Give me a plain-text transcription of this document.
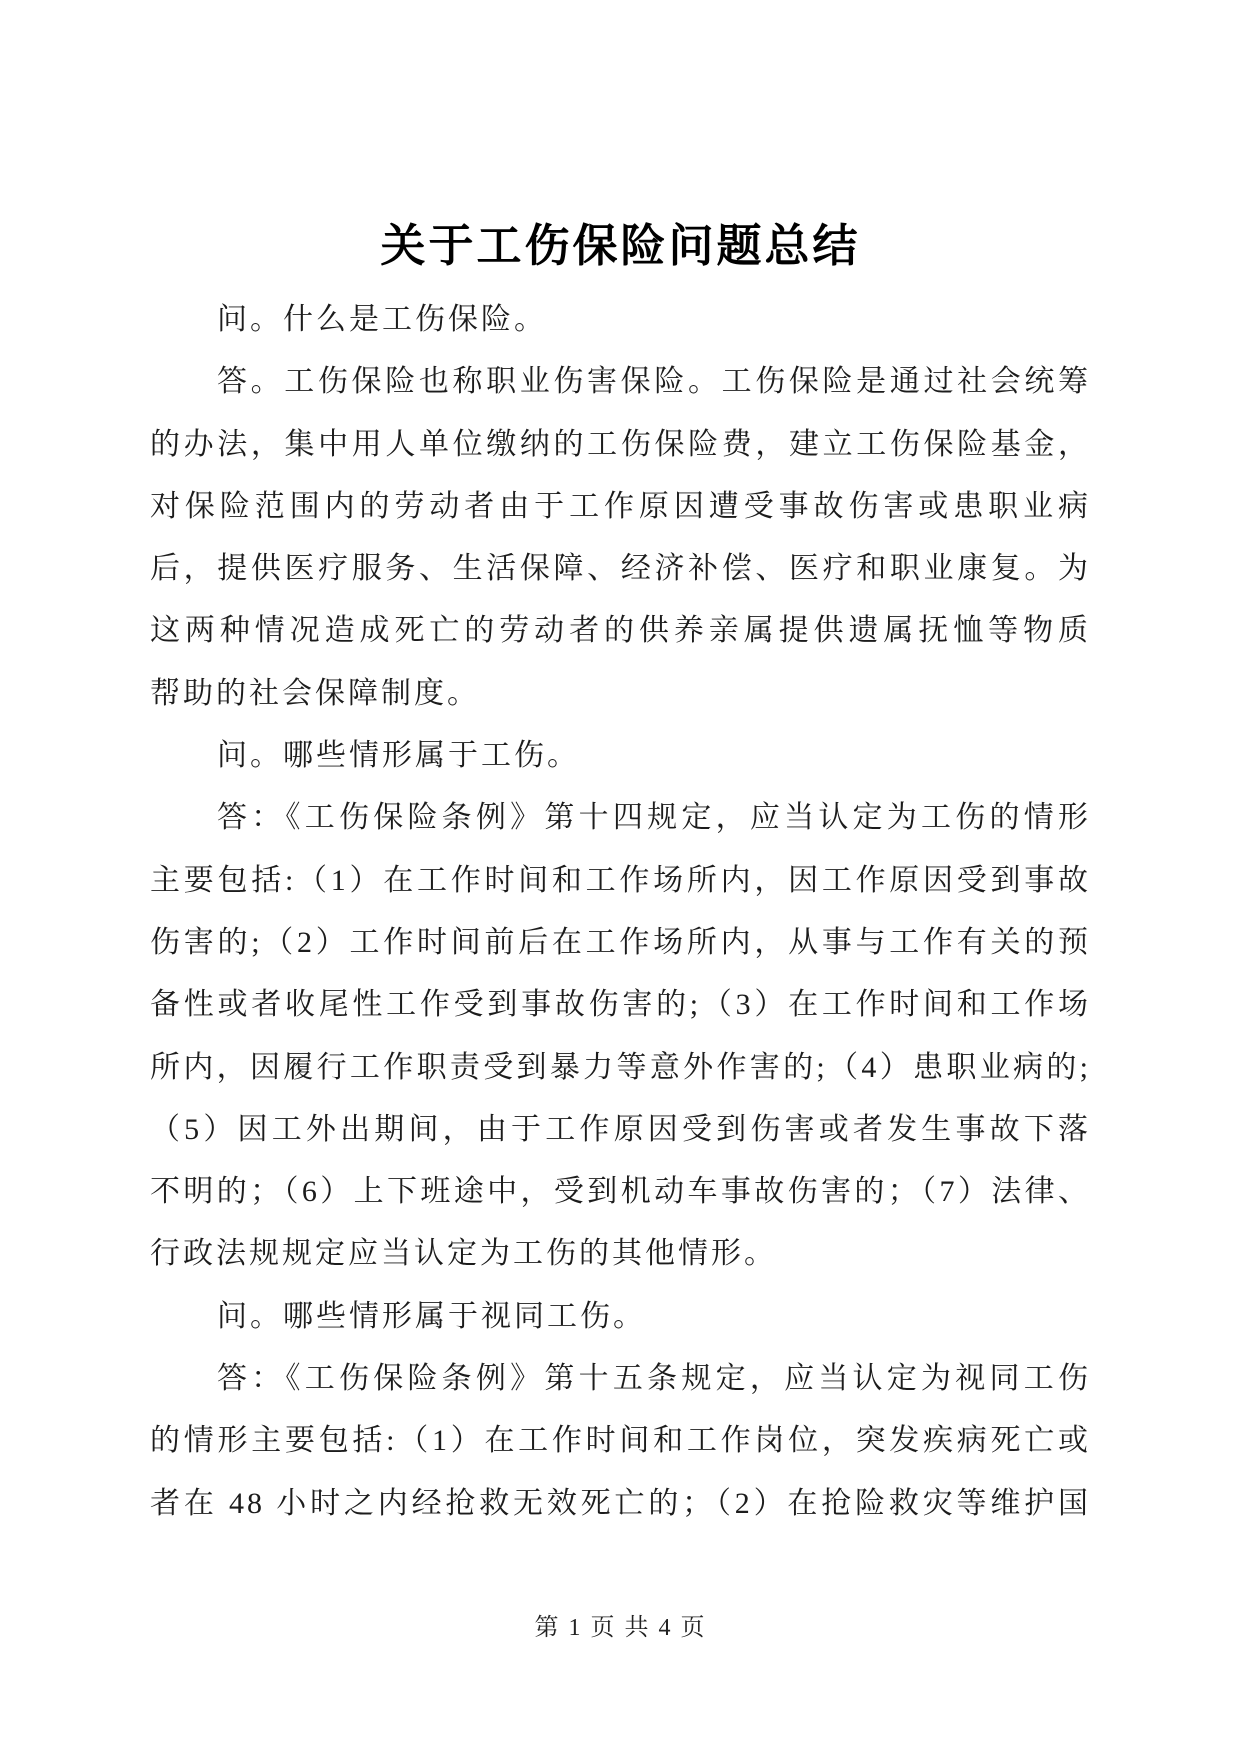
关于工伤保险问题总结
问。什么是工伤保险。
答。工伤保险也称职业伤害保险。工伤保险是通过社会统筹
的办法，集中用人单位缴纳的工伤保险费，建立工伤保险基金，
对保险范围内的劳动者由于工作原因遭受事故伤害或患职业病
后，提供医疗服务、生活保障、经济补偿、医疗和职业康复。为
这两种情况造成死亡的劳动者的供养亲属提供遗属抚恤等物质
帮助的社会保障制度。
问。哪些情形属于工伤。
答：《工伤保险条例》第十四规定，应当认定为工伤的情形
主要包括:（1）在工作时间和工作场所内，因工作原因受到事故
伤害的;（2）工作时间前后在工作场所内，从事与工作有关的预
备性或者收尾性工作受到事故伤害的;（3）在工作时间和工作场
所内，因履行工作职责受到暴力等意外作害的;（4）患职业病的;
（5）因工外出期间，由于工作原因受到伤害或者发生事故下落
不明的；（6）上下班途中，受到机动车事故伤害的；（7）法律、
行政法规规定应当认定为工伤的其他情形。
问。哪些情形属于视同工伤。
答：《工伤保险条例》第十五条规定，应当认定为视同工伤
的情形主要包括:（1）在工作时间和工作岗位，突发疾病死亡或
者在 48 小时之内经抢救无效死亡的；（2）在抢险救灾等维护国
第 1 页 共 4 页
